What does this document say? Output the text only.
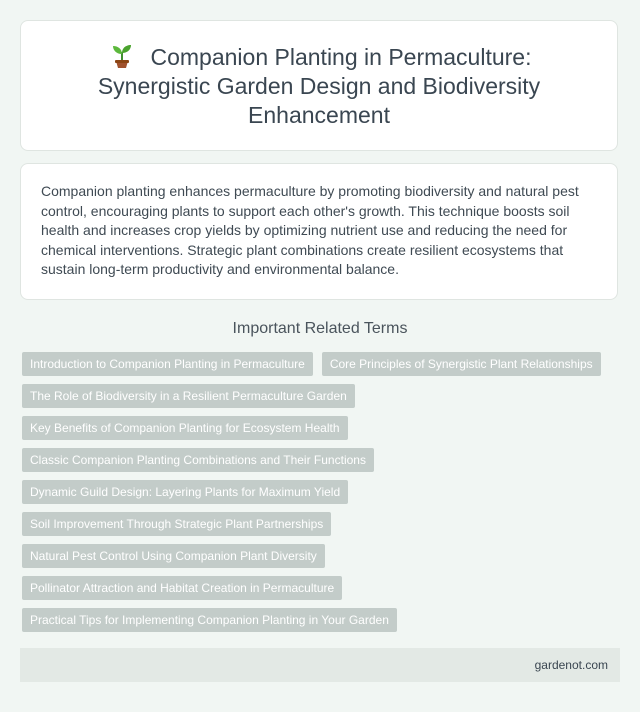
Companion Planting in Permaculture: Synergistic Garden Design and Biodiversity Enhancement

Companion planting enhances permaculture by promoting biodiversity and natural pest control, encouraging plants to support each other's growth. This technique boosts soil health and increases crop yields by optimizing nutrient use and reducing the need for chemical interventions. Strategic plant combinations create resilient ecosystems that sustain long-term productivity and environmental balance.

Important Related Terms
Introduction to Companion Planting in Permaculture	Core Principles of Synergistic Plant Relationships
The Role of Biodiversity in a Resilient Permaculture Garden
Key Benefits of Companion Planting for Ecosystem Health
Classic Companion Planting Combinations and Their Functions
Dynamic Guild Design: Layering Plants for Maximum Yield
Soil Improvement Through Strategic Plant Partnerships
Natural Pest Control Using Companion Plant Diversity
Pollinator Attraction and Habitat Creation in Permaculture
Practical Tips for Implementing Companion Planting in Your Garden
gardenot.com
